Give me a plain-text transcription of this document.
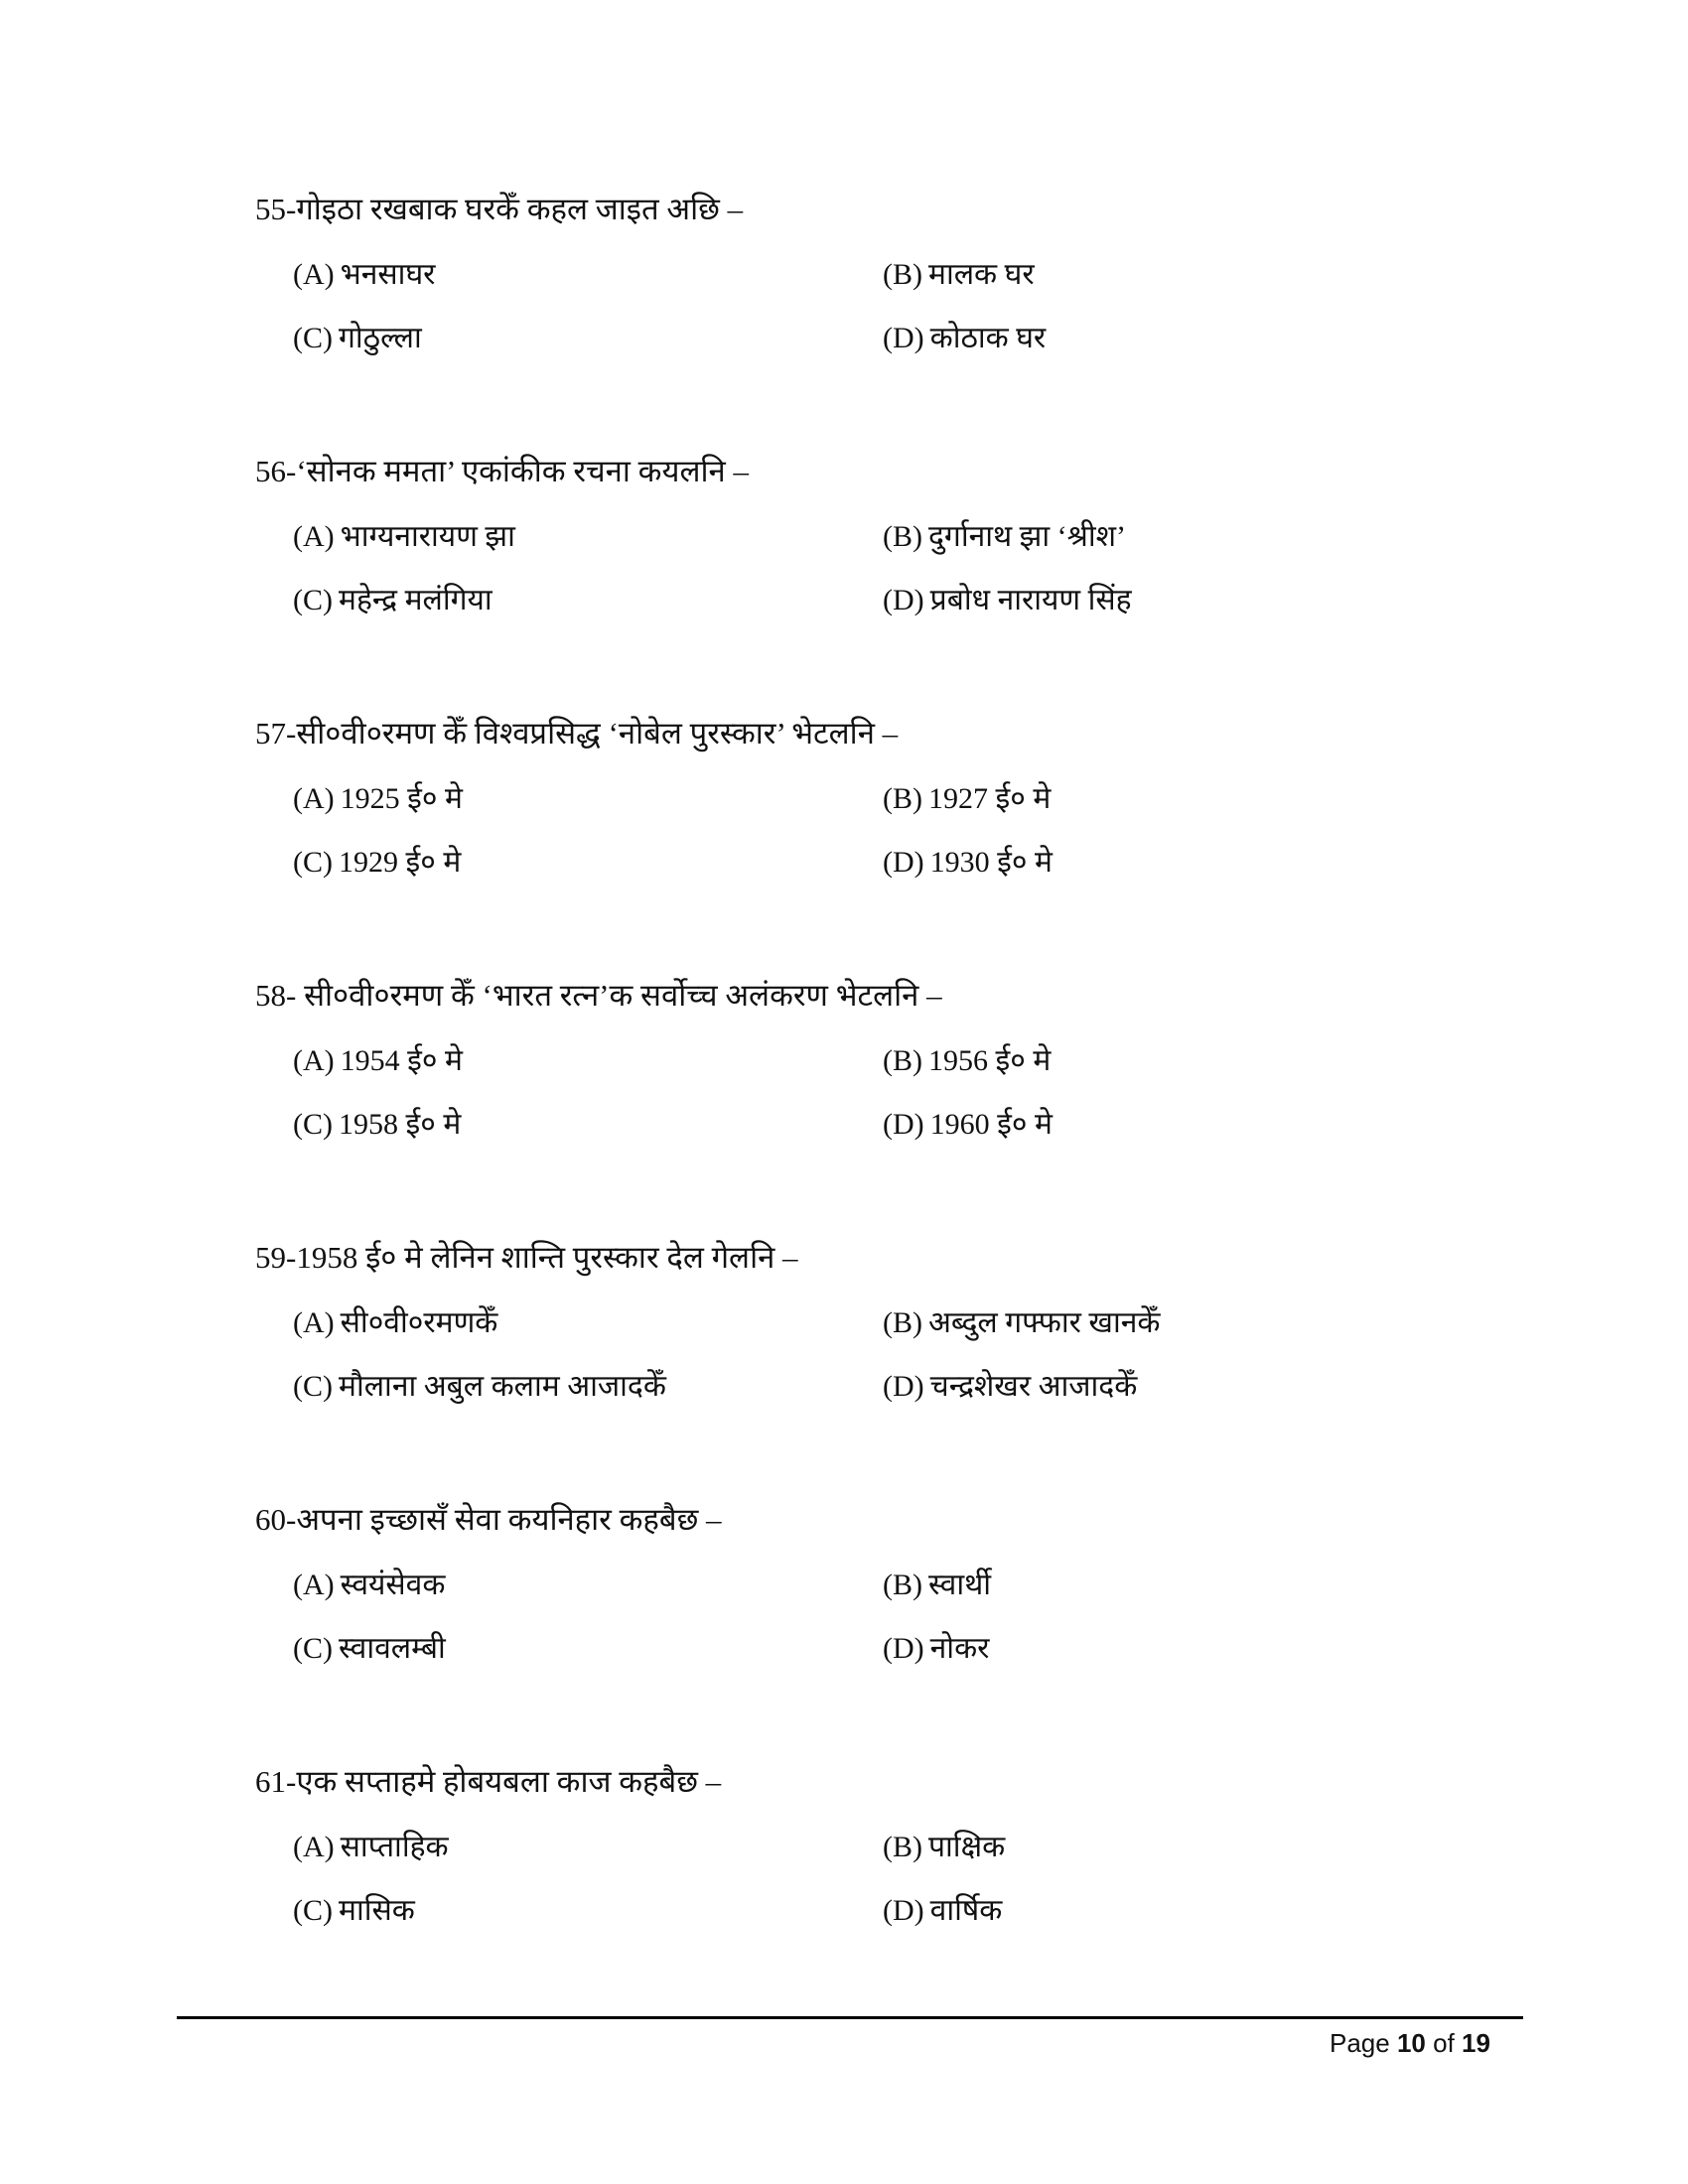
55-गोइठा रखबाक घरकेँ कहल जाइत अछि –
(A) भनसाघर	(B) मालक घर
(C) गोठुल्ला	(D) कोठाक घर
56-‘सोनक ममता’ एकांकीक रचना कयलनि –
(A) भाग्यनारायण झा	(B) दुर्गानाथ झा ‘श्रीश’
(C) महेन्द्र मलंगिया	(D) प्रबोध नारायण सिंह
57-सी०वी०रमण केँ विश्वप्रसिद्ध ‘नोबेल पुरस्कार’ भेटलनि –
(A) 1925 ई० मे	(B) 1927 ई० मे
(C) 1929 ई० मे	(D) 1930 ई० मे
58- सी०वी०रमण केँ ‘भारत रत्न’क सर्वोच्च अलंकरण भेटलनि –
(A) 1954 ई० मे	(B) 1956 ई० मे
(C) 1958 ई० मे	(D) 1960 ई० मे
59-1958 ई० मे लेनिन शान्ति पुरस्कार देल गेलनि –
(A) सी०वी०रमणकेँ	(B) अब्दुल गफ्फार खानकेँ
(C) मौलाना अबुल कलाम आजादकेँ	(D) चन्द्रशेखर आजादकेँ
60-अपना इच्छासँ सेवा कयनिहार कहबैछ –
(A) स्वयंसेवक	(B) स्वार्थी
(C) स्वावलम्बी	(D) नोकर
61-एक सप्ताहमे होबयबला काज कहबैछ –
(A) साप्ताहिक	(B) पाक्षिक
(C) मासिक	(D) वार्षिक
Page 10 of 19
